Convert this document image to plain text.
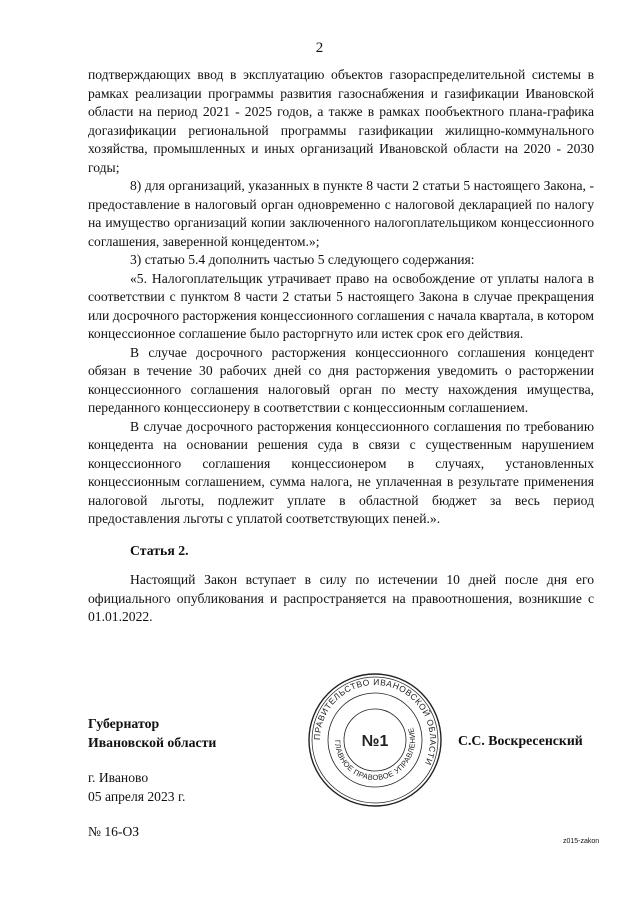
2

подтверждающих ввод в эксплуатацию объектов газораспределительной системы в рамках реализации программы развития газоснабжения и газификации Ивановской области на период 2021 - 2025 годов, а также в рамках пообъектного плана-графика догазификации региональной программы газификации жилищно-коммунального хозяйства, промышленных и иных организаций Ивановской области на 2020 - 2030 годы;

8) для организаций, указанных в пункте 8 части 2 статьи 5 настоящего Закона, - предоставление в налоговый орган одновременно с налоговой декларацией по налогу на имущество организаций копии заключенного налогоплательщиком концессионного соглашения, заверенной концедентом.»;

3) статью 5.4 дополнить частью 5 следующего содержания:

«5. Налогоплательщик утрачивает право на освобождение от уплаты налога в соответствии с пунктом 8 части 2 статьи 5 настоящего Закона в случае прекращения или досрочного расторжения концессионного соглашения с начала квартала, в котором концессионное соглашение было расторгнуто или истек срок его действия.

В случае досрочного расторжения концессионного соглашения концедент обязан в течение 30 рабочих дней со дня расторжения уведомить о расторжении концессионного соглашения налоговый орган по месту нахождения имущества, переданного концессионеру в соответствии с концессионным соглашением.

В случае досрочного расторжения концессионного соглашения по требованию концедента на основании решения суда в связи с существенным нарушением концессионного соглашения концессионером в случаях, установленных концессионным соглашением, сумма налога, не уплаченная в результате применения налоговой льготы, подлежит уплате в областной бюджет за весь период предоставления льготы с уплатой соответствующих пеней.».

Статья 2.

Настоящий Закон вступает в силу по истечении 10 дней после дня его официального опубликования и распространяется на правоотношения, возникшие с 01.01.2022.

Губернатор
Ивановской области	ПРАВИТЕЛЬСТВО ИВАНОВСКОЙ ОБЛАСТИ
ГЛАВНОЕ ПРАВОВОЕ УПРАВЛЕНИЕ
№1	С.С. Воскресенский
г. Иваново
05 апреля 2023 г.
№ 16-ОЗ
z015-zakon
